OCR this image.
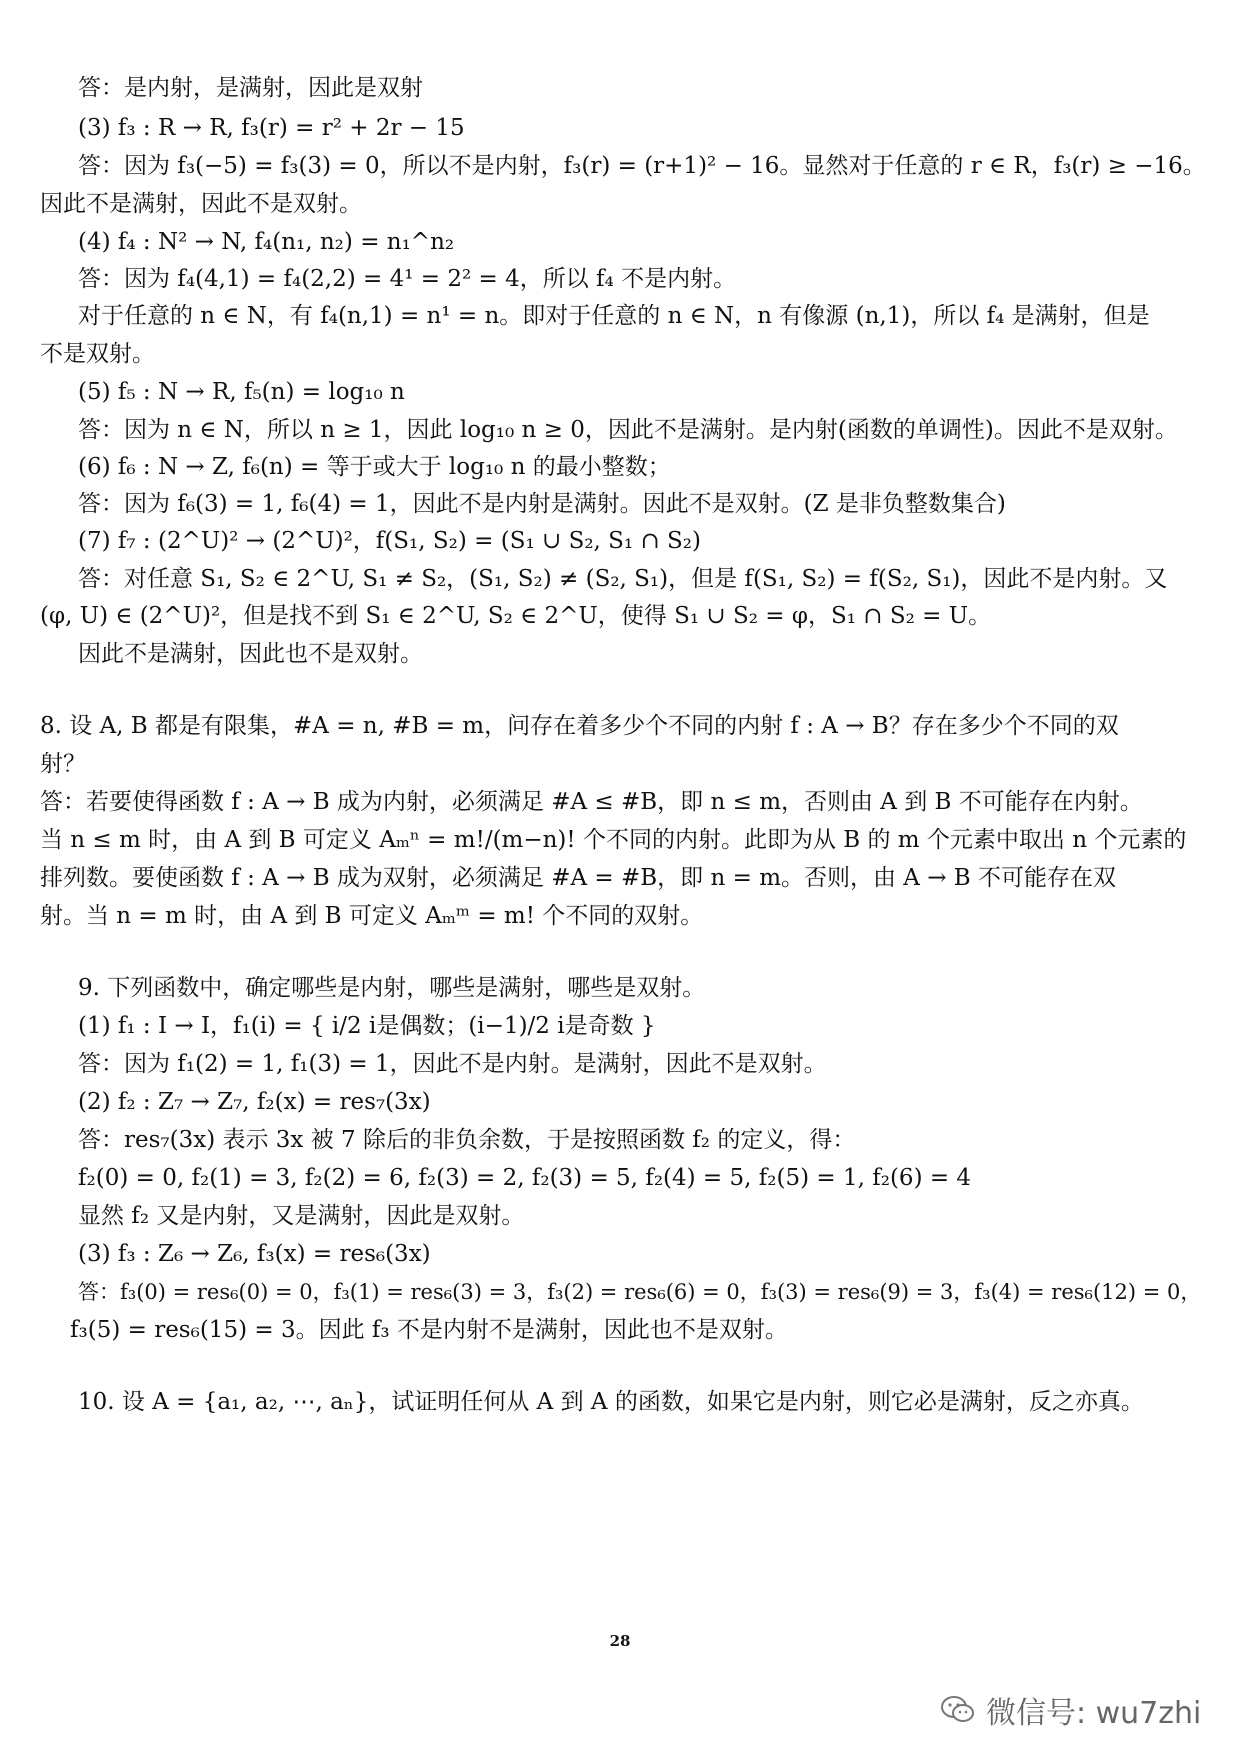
答：是内射，是满射，因此是双射
(3) f₃ : R → R, f₃(r) = r² + 2r − 15
答：因为 f₃(−5) = f₃(3) = 0，所以不是内射，f₃(r) = (r+1)² − 16。显然对于任意的 r ∈ R，f₃(r) ≥ −16。
因此不是满射，因此不是双射。
(4) f₄ : N² → N, f₄(n₁, n₂) = n₁^n₂
答：因为 f₄(4,1) = f₄(2,2) = 4¹ = 2² = 4，所以 f₄ 不是内射。
对于任意的 n ∈ N，有 f₄(n,1) = n¹ = n。即对于任意的 n ∈ N，n 有像源 (n,1)，所以 f₄ 是满射，但是
不是双射。
(5) f₅ : N → R, f₅(n) = log₁₀ n
答：因为 n ∈ N，所以 n ≥ 1，因此 log₁₀ n ≥ 0，因此不是满射。是内射(函数的单调性)。因此不是双射。
(6) f₆ : N → Z, f₆(n) = 等于或大于 log₁₀ n 的最小整数；
答：因为 f₆(3) = 1, f₆(4) = 1，因此不是内射是满射。因此不是双射。(Z 是非负整数集合)
(7) f₇ : (2^U)² → (2^U)²，f(S₁, S₂) = (S₁ ∪ S₂, S₁ ∩ S₂)
答：对任意 S₁, S₂ ∈ 2^U, S₁ ≠ S₂，(S₁, S₂) ≠ (S₂, S₁)，但是 f(S₁, S₂) = f(S₂, S₁)，因此不是内射。又
(φ, U) ∈ (2^U)²，但是找不到 S₁ ∈ 2^U, S₂ ∈ 2^U，使得 S₁ ∪ S₂ = φ，S₁ ∩ S₂ = U。
因此不是满射，因此也不是双射。
8. 设 A, B 都是有限集，#A = n, #B = m，问存在着多少个不同的内射 f : A → B？存在多少个不同的双
射？
答：若要使得函数 f : A → B 成为内射，必须满足 #A ≤ #B，即 n ≤ m，否则由 A 到 B 不可能存在内射。
当 n ≤ m 时，由 A 到 B 可定义 Aₘⁿ = m!/(m−n)! 个不同的内射。此即为从 B 的 m 个元素中取出 n 个元素的
排列数。要使函数 f : A → B 成为双射，必须满足 #A = #B，即 n = m。否则，由 A → B 不可能存在双
射。当 n = m 时，由 A 到 B 可定义 Aₘᵐ = m! 个不同的双射。
9. 下列函数中，确定哪些是内射，哪些是满射，哪些是双射。
(1) f₁ : I → I，f₁(i) = { i/2 i是偶数；(i−1)/2 i是奇数 }
答：因为 f₁(2) = 1, f₁(3) = 1，因此不是内射。是满射，因此不是双射。
(2) f₂ : Z₇ → Z₇, f₂(x) = res₇(3x)
答：res₇(3x) 表示 3x 被 7 除后的非负余数，于是按照函数 f₂ 的定义，得：
f₂(0) = 0, f₂(1) = 3, f₂(2) = 6, f₂(3) = 2, f₂(3) = 5, f₂(4) = 5, f₂(5) = 1, f₂(6) = 4
显然 f₂ 又是内射，又是满射，因此是双射。
(3) f₃ : Z₆ → Z₆, f₃(x) = res₆(3x)
答：f₃(0) = res₆(0) = 0，f₃(1) = res₆(3) = 3，f₃(2) = res₆(6) = 0，f₃(3) = res₆(9) = 3，f₃(4) = res₆(12) = 0，
f₃(5) = res₆(15) = 3。因此 f₃ 不是内射不是满射，因此也不是双射。
10. 设 A = {a₁, a₂, ⋯, aₙ}，试证明任何从 A 到 A 的函数，如果它是内射，则它必是满射，反之亦真。
28
微信号: wu7zhi
